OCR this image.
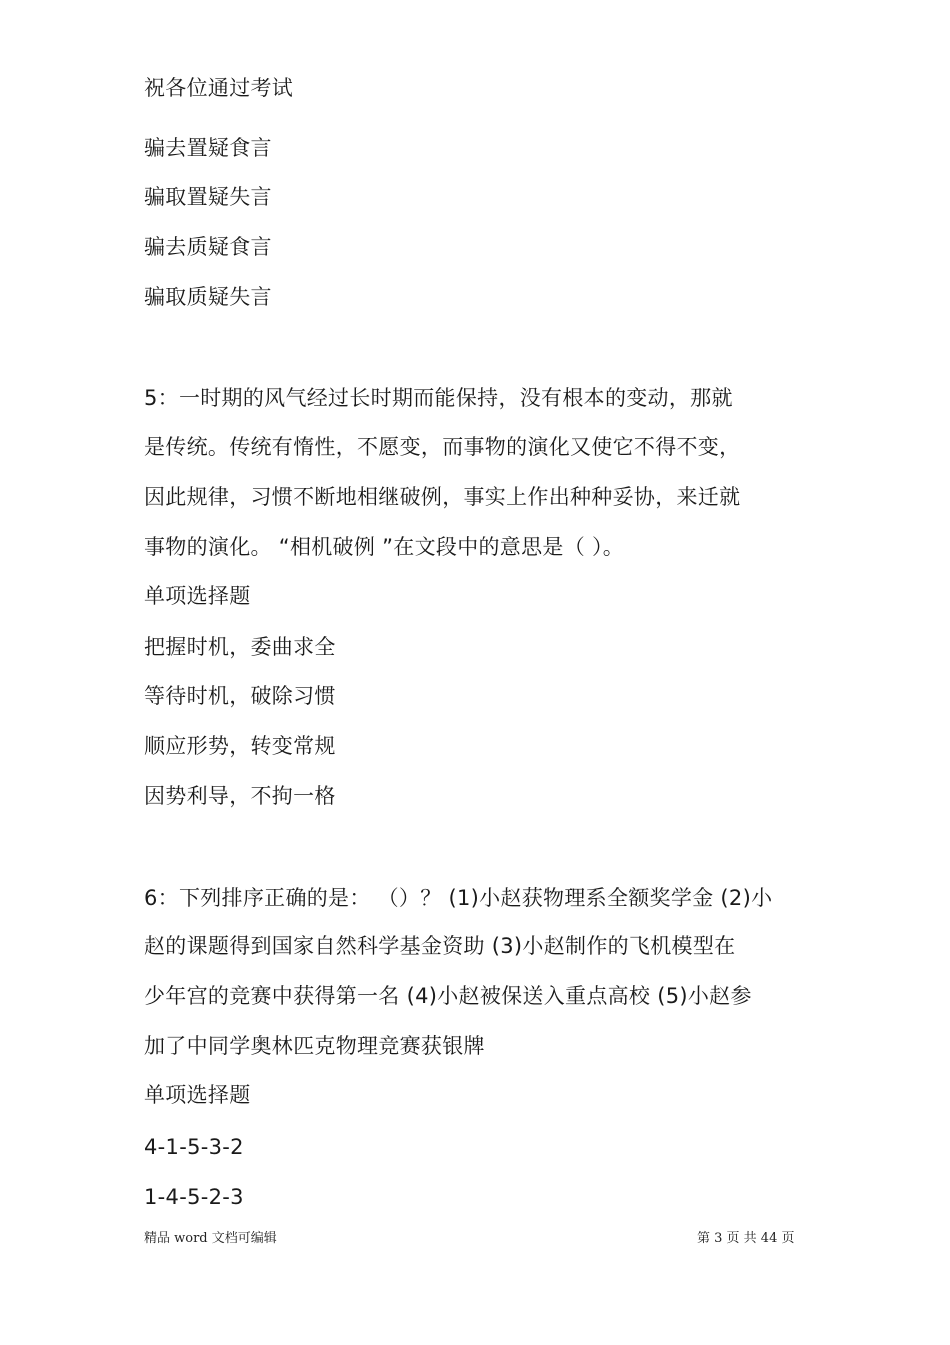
祝各位通过考试
骗去置疑食言
骗取置疑失言
骗去质疑食言
骗取质疑失言
5：一时期的风气经过长时期而能保持，没有根本的变动，那就
是传统。传统有惰性，不愿变，而事物的演化又使它不得不变，
因此规律，习惯不断地相继破例，事实上作出种种妥协，来迁就
事物的演化。 “相机破例 ”在文段中的意思是（ ）。
单项选择题
把握时机，委曲求全
等待时机，破除习惯
顺应形势，转变常规
因势利导，不拘一格
6：下列排序正确的是： （）？ (1)小赵获物理系全额奖学金 (2)小
赵的课题得到国家自然科学基金资助 (3)小赵制作的飞机模型在
少年宫的竞赛中获得第一名 (4)小赵被保送入重点高校 (5)小赵参
加了中同学奥林匹克物理竞赛获银牌
单项选择题
4-1-5-3-2
1-4-5-2-3
精品 word 文档可编辑	第 3 页 共 44 页
